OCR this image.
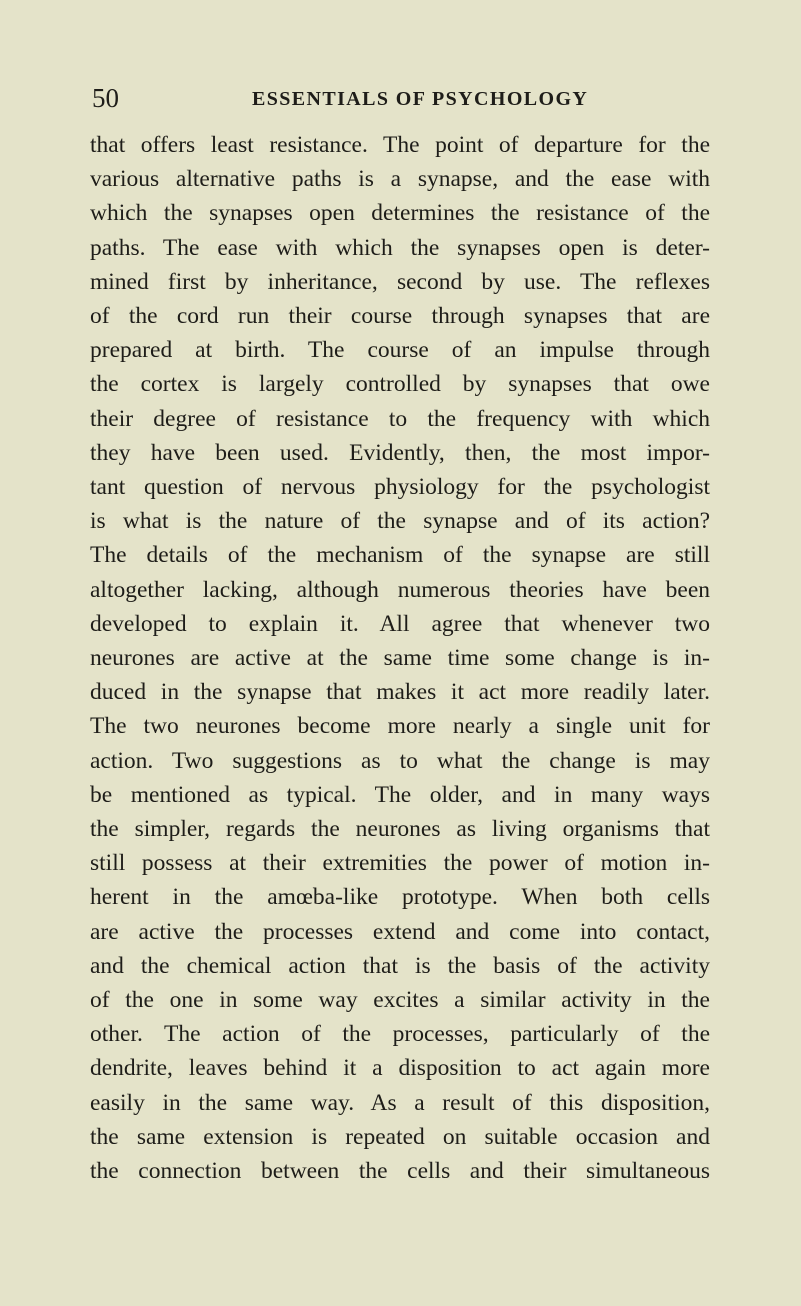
50	ESSENTIALS OF PSYCHOLOGY
that offers least resistance. The point of departure for the
various alternative paths is a synapse, and the ease with
which the synapses open determines the resistance of the
paths. The ease with which the synapses open is deter-
mined first by inheritance, second by use. The reflexes
of the cord run their course through synapses that are
prepared at birth. The course of an impulse through
the cortex is largely controlled by synapses that owe
their degree of resistance to the frequency with which
they have been used. Evidently, then, the most impor-
tant question of nervous physiology for the psychologist
is what is the nature of the synapse and of its action?
The details of the mechanism of the synapse are still
altogether lacking, although numerous theories have been
developed to explain it. All agree that whenever two
neurones are active at the same time some change is in-
duced in the synapse that makes it act more readily later.
The two neurones become more nearly a single unit for
action. Two suggestions as to what the change is may
be mentioned as typical. The older, and in many ways
the simpler, regards the neurones as living organisms that
still possess at their extremities the power of motion in-
herent in the amœba-like prototype. When both cells
are active the processes extend and come into contact,
and the chemical action that is the basis of the activity
of the one in some way excites a similar activity in the
other. The action of the processes, particularly of the
dendrite, leaves behind it a disposition to act again more
easily in the same way. As a result of this disposition,
the same extension is repeated on suitable occasion and
the connection between the cells and their simultaneous
